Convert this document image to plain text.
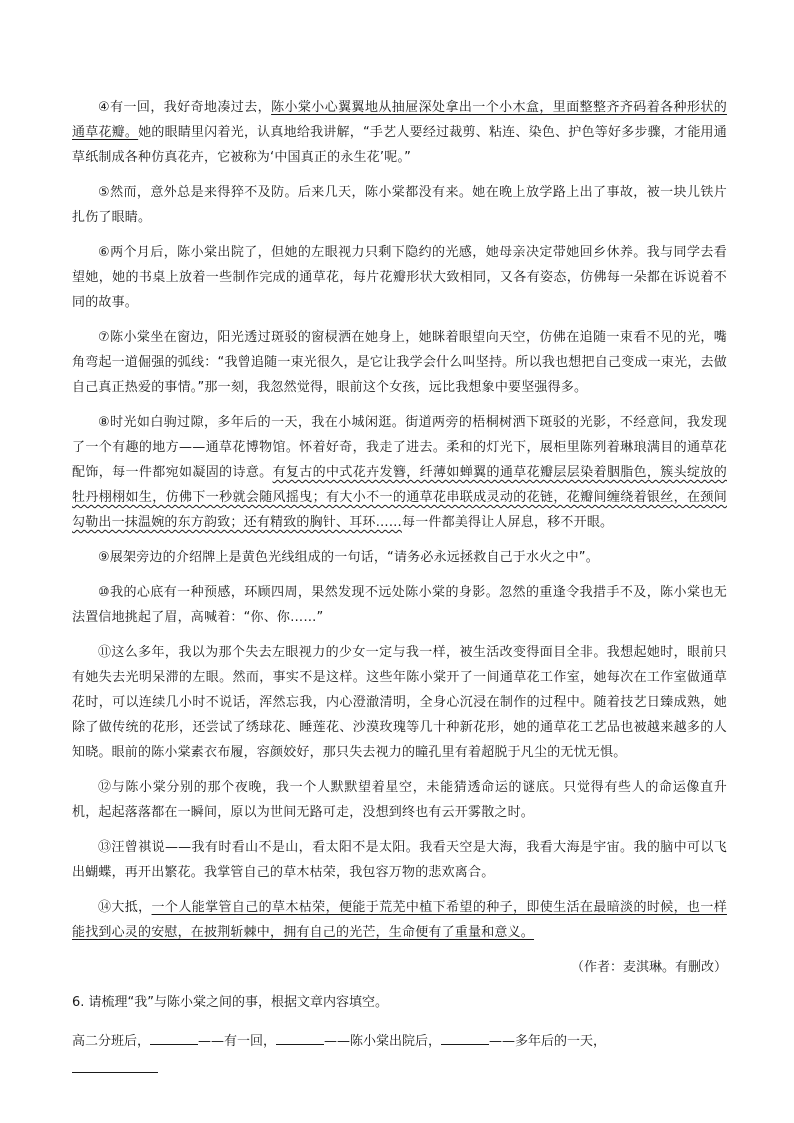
④有一回，我好奇地凑过去，陈小棠小心翼翼地从抽屉深处拿出一个小木盒，里面整整齐齐码着各种形状的通草花瓣。她的眼睛里闪着光，认真地给我讲解，“手艺人要经过裁剪、粘连、染色、护色等好多步骤，才能用通草纸制成各种仿真花卉，它被称为‘中国真正的永生花’呢。”

⑤然而，意外总是来得猝不及防。后来几天，陈小棠都没有来。她在晚上放学路上出了事故，被一块儿铁片扎伤了眼睛。

⑥两个月后，陈小棠出院了，但她的左眼视力只剩下隐约的光感，她母亲决定带她回乡休养。我与同学去看望她，她的书桌上放着一些制作完成的通草花，每片花瓣形状大致相同，又各有姿态，仿佛每一朵都在诉说着不同的故事。

⑦陈小棠坐在窗边，阳光透过斑驳的窗棂洒在她身上，她眯着眼望向天空，仿佛在追随一束看不见的光，嘴角弯起一道倔强的弧线：“我曾追随一束光很久，是它让我学会什么叫坚持。所以我也想把自己变成一束光，去做自己真正热爱的事情。”那一刻，我忽然觉得，眼前这个女孩，远比我想象中要坚强得多。

⑧时光如白驹过隙，多年后的一天，我在小城闲逛。街道两旁的梧桐树洒下斑驳的光影，不经意间，我发现了一个有趣的地方——通草花博物馆。怀着好奇，我走了进去。柔和的灯光下，展柜里陈列着琳琅满目的通草花配饰，每一件都宛如凝固的诗意。有复古的中式花卉发簪，纤薄如蝉翼的通草花瓣层层染着胭脂色，簇头绽放的牡丹栩栩如生，仿佛下一秒就会随风摇曳；有大小不一的通草花串联成灵动的花链，花瓣间缠绕着银丝，在颈间勾勒出一抹温婉的东方韵致；还有精致的胸针、耳环……每一件都美得让人屏息，移不开眼。

⑨展架旁边的介绍牌上是黄色光线组成的一句话，“请务必永远拯救自己于水火之中”。

⑩我的心底有一种预感，环顾四周，果然发现不远处陈小棠的身影。忽然的重逢令我措手不及，陈小棠也无法置信地挑起了眉，高喊着：“你、你……”

⑪这么多年，我以为那个失去左眼视力的少女一定与我一样，被生活改变得面目全非。我想起她时，眼前只有她失去光明呆滞的左眼。然而，事实不是这样。这些年陈小棠开了一间通草花工作室，她每次在工作室做通草花时，可以连续几小时不说话，浑然忘我，内心澄澈清明，全身心沉浸在制作的过程中。随着技艺日臻成熟，她除了做传统的花形，还尝试了绣球花、睡莲花、沙漠玫瑰等几十种新花形，她的通草花工艺品也被越来越多的人知晓。眼前的陈小棠素衣布履，容颜姣好，那只失去视力的瞳孔里有着超脱于凡尘的无忧无惧。

⑫与陈小棠分别的那个夜晚，我一个人默默望着星空，未能猜透命运的谜底。只觉得有些人的命运像直升机，起起落落都在一瞬间，原以为世间无路可走，没想到终也有云开雾散之时。

⑬汪曾祺说——我有时看山不是山，看太阳不是太阳。我看天空是大海，我看大海是宇宙。我的脑中可以飞出蝴蝶，再开出繁花。我掌管自己的草木枯荣，我包容万物的悲欢离合。

⑭大抵，一个人能掌管自己的草木枯荣，便能于荒芜中植下希望的种子，即使生活在最暗淡的时候，也一样能找到心灵的安慰，在披荆斩棘中，拥有自己的光芒，生命便有了重量和意义。

（作者：麦淇琳。有删改）

6. 请梳理“我”与陈小棠之间的事，根据文章内容填空。

高二分班后，	——有一回，	——陈小棠出院后，	——多年后的一天，
